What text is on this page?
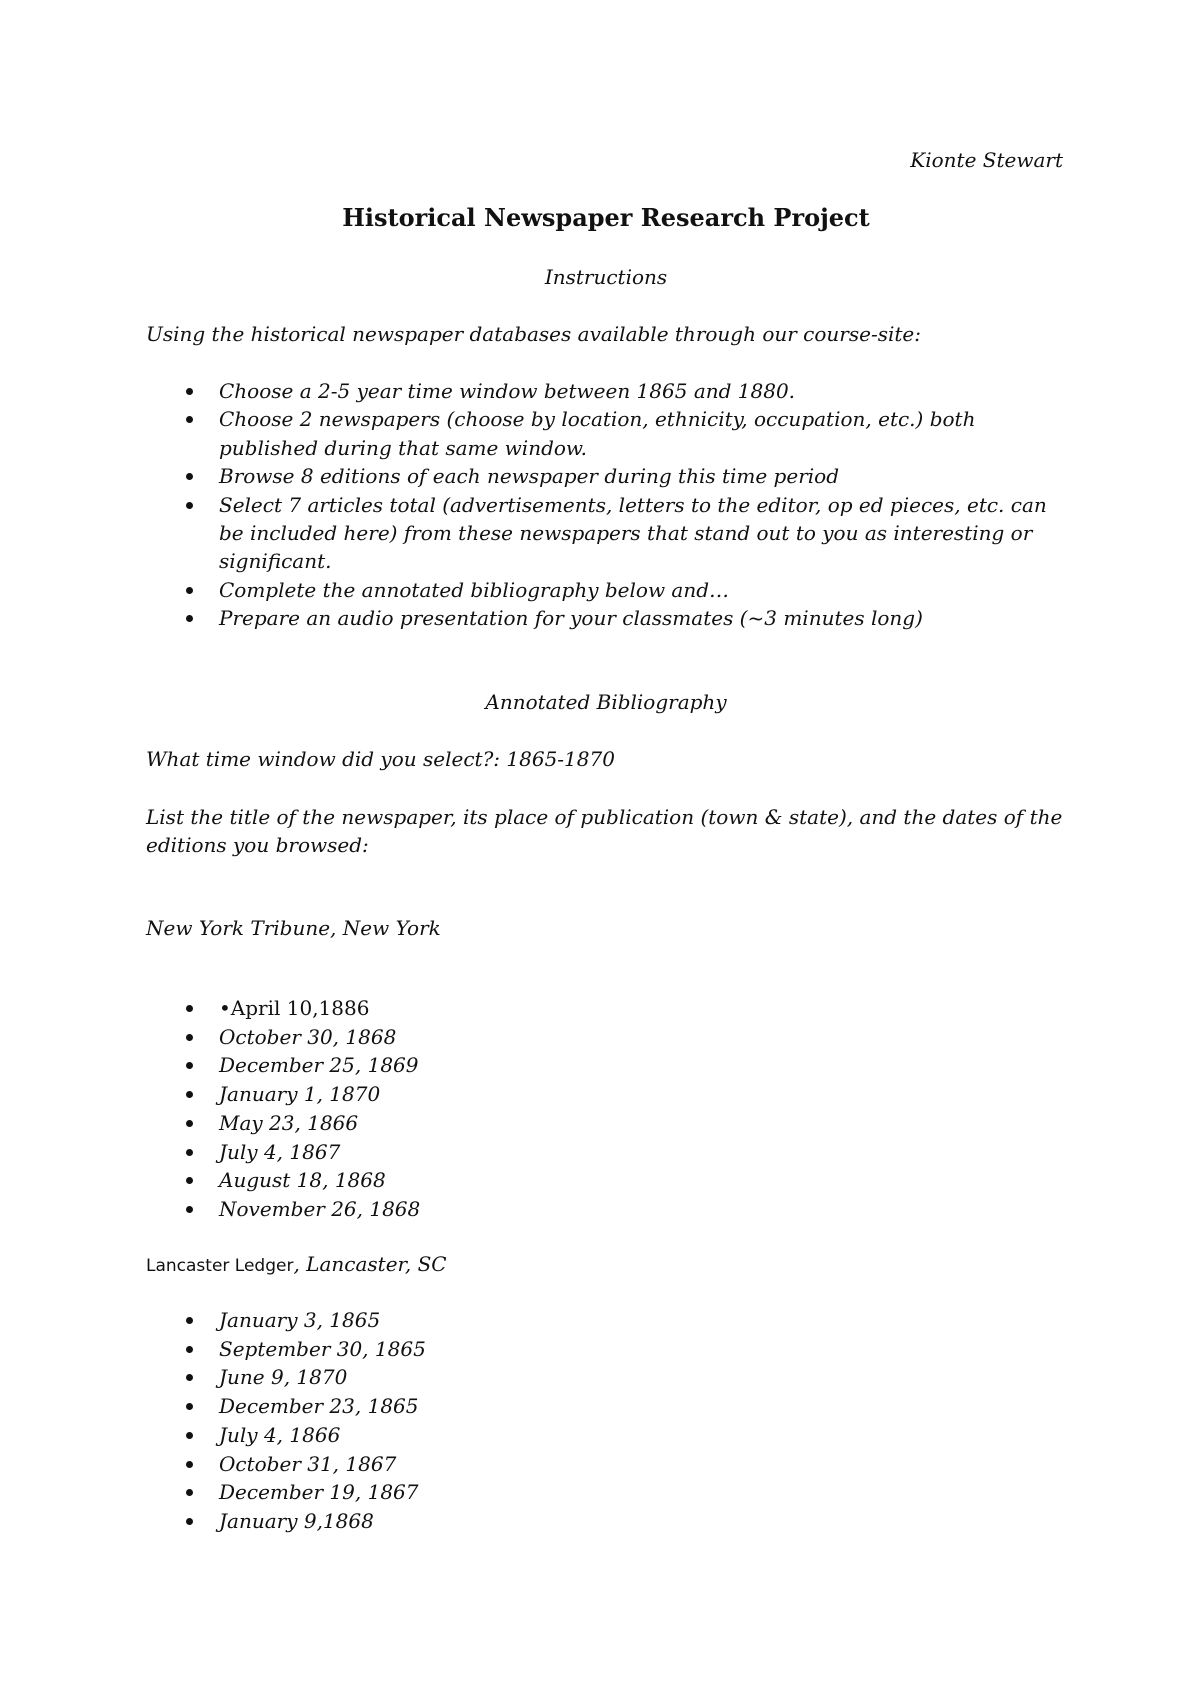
Kionte Stewart
Historical Newspaper Research Project
Instructions
Using the historical newspaper databases available through our course-site:
Choose a 2-5 year time window between 1865 and 1880.
Choose 2 newspapers (choose by location, ethnicity, occupation, etc.) both published during that same window.
Browse 8 editions of each newspaper during this time period
Select 7 articles total (advertisements, letters to the editor, op ed pieces, etc. can be included here) from these newspapers that stand out to you as interesting or significant.
Complete the annotated bibliography below and…
Prepare an audio presentation for your classmates (~3 minutes long)
Annotated Bibliography
What time window did you select?: 1865-1870
List the title of the newspaper, its place of publication (town & state), and the dates of the editions you browsed:
New York Tribune, New York
•April 10,1886
October 30, 1868
December 25, 1869
January 1, 1870
May 23, 1866
July 4, 1867
August 18, 1868
November 26, 1868
Lancaster Ledger, Lancaster, SC
January 3, 1865
September 30, 1865
June 9, 1870
December 23, 1865
July 4, 1866
October 31, 1867
December 19, 1867
January 9,1868
